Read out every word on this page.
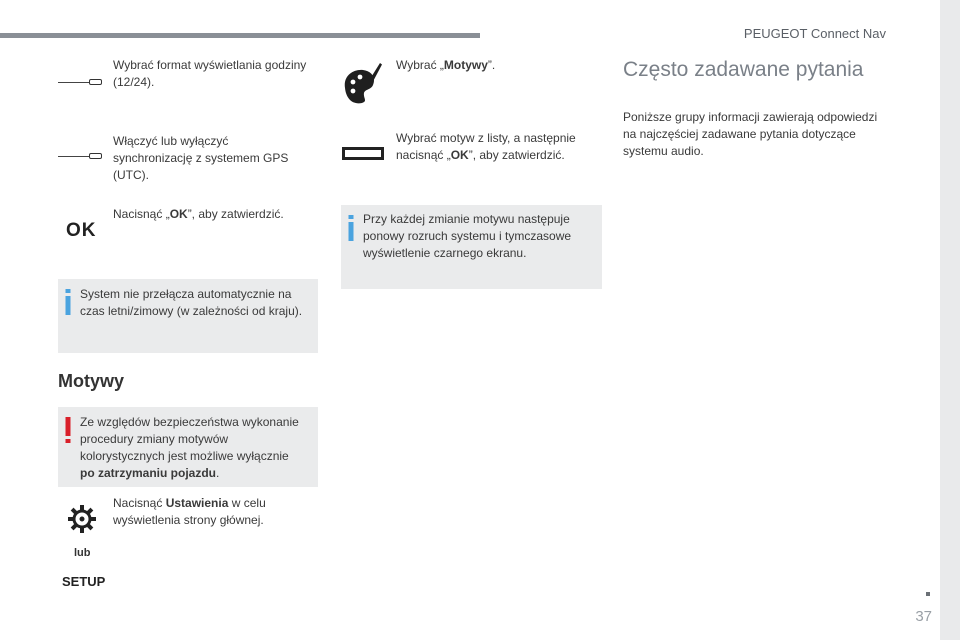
PEUGEOT Connect Nav
37
Wybrać format wyświetlania godziny (12/24).
Włączyć lub wyłączyć synchronizację z systemem GPS (UTC).
OK
Nacisnąć „OK”, aby zatwierdzić.
System nie przełącza automatycznie na czas letni/zimowy (w zależności od kraju).
Motywy
Ze względów bezpieczeństwa wykonanie procedury zmiany motywów kolorystycznych jest możliwe wyłącznie po zatrzymaniu pojazdu.
Nacisnąć Ustawienia w celu wyświetlenia strony głównej.
lub
SETUP
Wybrać „Motywy”.
Wybrać motyw z listy, a następnie nacisnąć „OK”, aby zatwierdzić.
Przy każdej zmianie motywu następuje ponowy rozruch systemu i tymczasowe wyświetlenie czarnego ekranu.
Często zadawane pytania
Poniższe grupy informacji zawierają odpowiedzi na najczęściej zadawane pytania dotyczące systemu audio.
